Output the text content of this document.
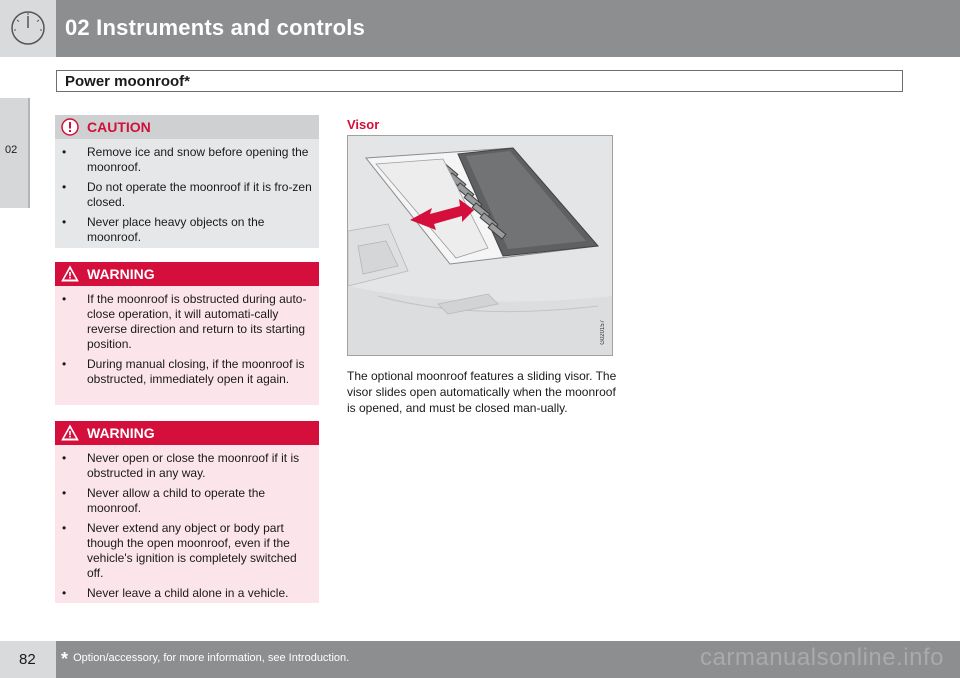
02 Instruments and controls
Power moonroof*
02
CAUTION
• Remove ice and snow before opening the moonroof.
• Do not operate the moonroof if it is fro-zen closed.
• Never place heavy objects on the moonroof.
WARNING
• If the moonroof is obstructed during auto-close operation, it will automati-cally reverse direction and return to its starting position.
• During manual closing, if the moonroof is obstructed, immediately open it again.
WARNING
• Never open or close the moonroof if it is obstructed in any way.
• Never allow a child to operate the moonroof.
• Never extend any object or body part though the open moonroof, even if the vehicle's ignition is completely switched off.
• Never leave a child alone in a vehicle.
Visor
G020157
The optional moonroof features a sliding visor. The visor slides open automatically when the moonroof is opened, and must be closed man-ually.
82 * Option/accessory, for more information, see Introduction.	carmanualsonline.info
